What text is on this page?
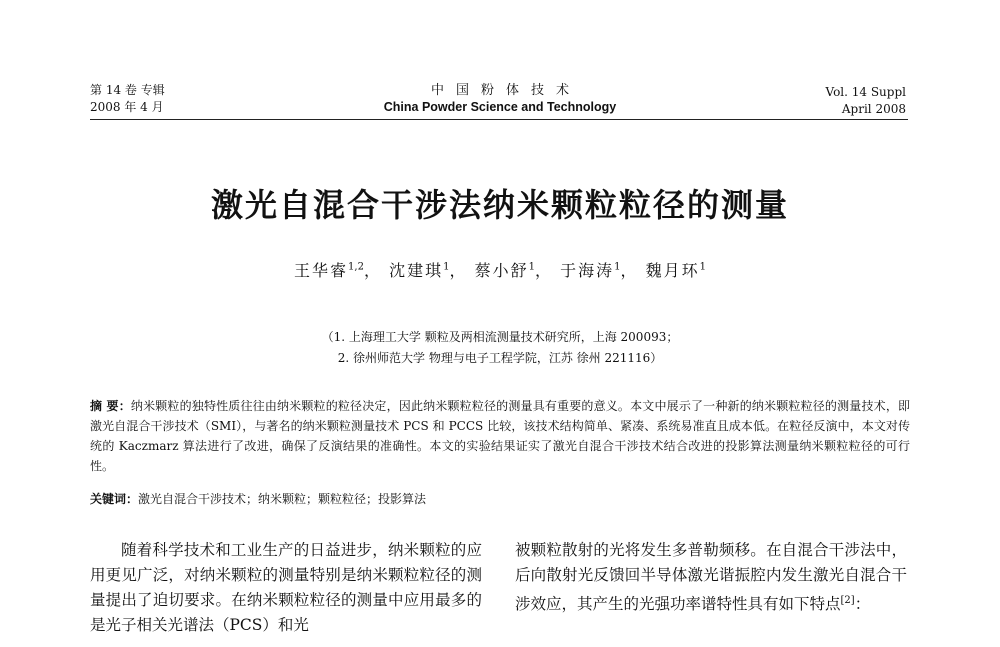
第 14 卷 专辑
2008 年 4 月
中国粉体技术
China Powder Science and Technology
Vol. 14 Suppl
April 2008
激光自混合干涉法纳米颗粒粒径的测量
王华睿$^{1,2}$， 沈建琪$^1$， 蔡小舒$^1$， 于海涛$^1$， 魏月环$^1$
（1. 上海理工大学 颗粒及两相流测量技术研究所，上海 200093；
2. 徐州师范大学 物理与电子工程学院，江苏 徐州 221116）
摘 要：纳米颗粒的独特性质往往由纳米颗粒的粒径决定，因此纳米颗粒粒径的测量具有重要的意义。本文中展示了一种新的纳米颗粒粒径的测量技术，即激光自混合干涉技术（SMI），与著名的纳米颗粒测量技术 PCS 和 PCCS 比较，该技术结构简单、紧凑、系统易准直且成本低。在粒径反演中，本文对传统的 Kaczmarz 算法进行了改进，确保了反演结果的准确性。本文的实验结果证实了激光自混合干涉技术结合改进的投影算法测量纳米颗粒粒径的可行性。
关键词：激光自混合干涉技术；纳米颗粒；颗粒粒径；投影算法
随着科学技术和工业生产的日益进步，纳米颗粒的应用更见广泛，对纳米颗粒的测量特别是纳米颗粒粒径的测量提出了迫切要求。在纳米颗粒粒径的测量中应用最多的是光子相关光谱法（PCS）和光
被颗粒散射的光将发生多普勒频移。在自混合干涉法中，后向散射光反馈回半导体激光谐振腔内发生激光自混合干涉效应，其产生的光强功率谱特性具有如下特点[2]：
